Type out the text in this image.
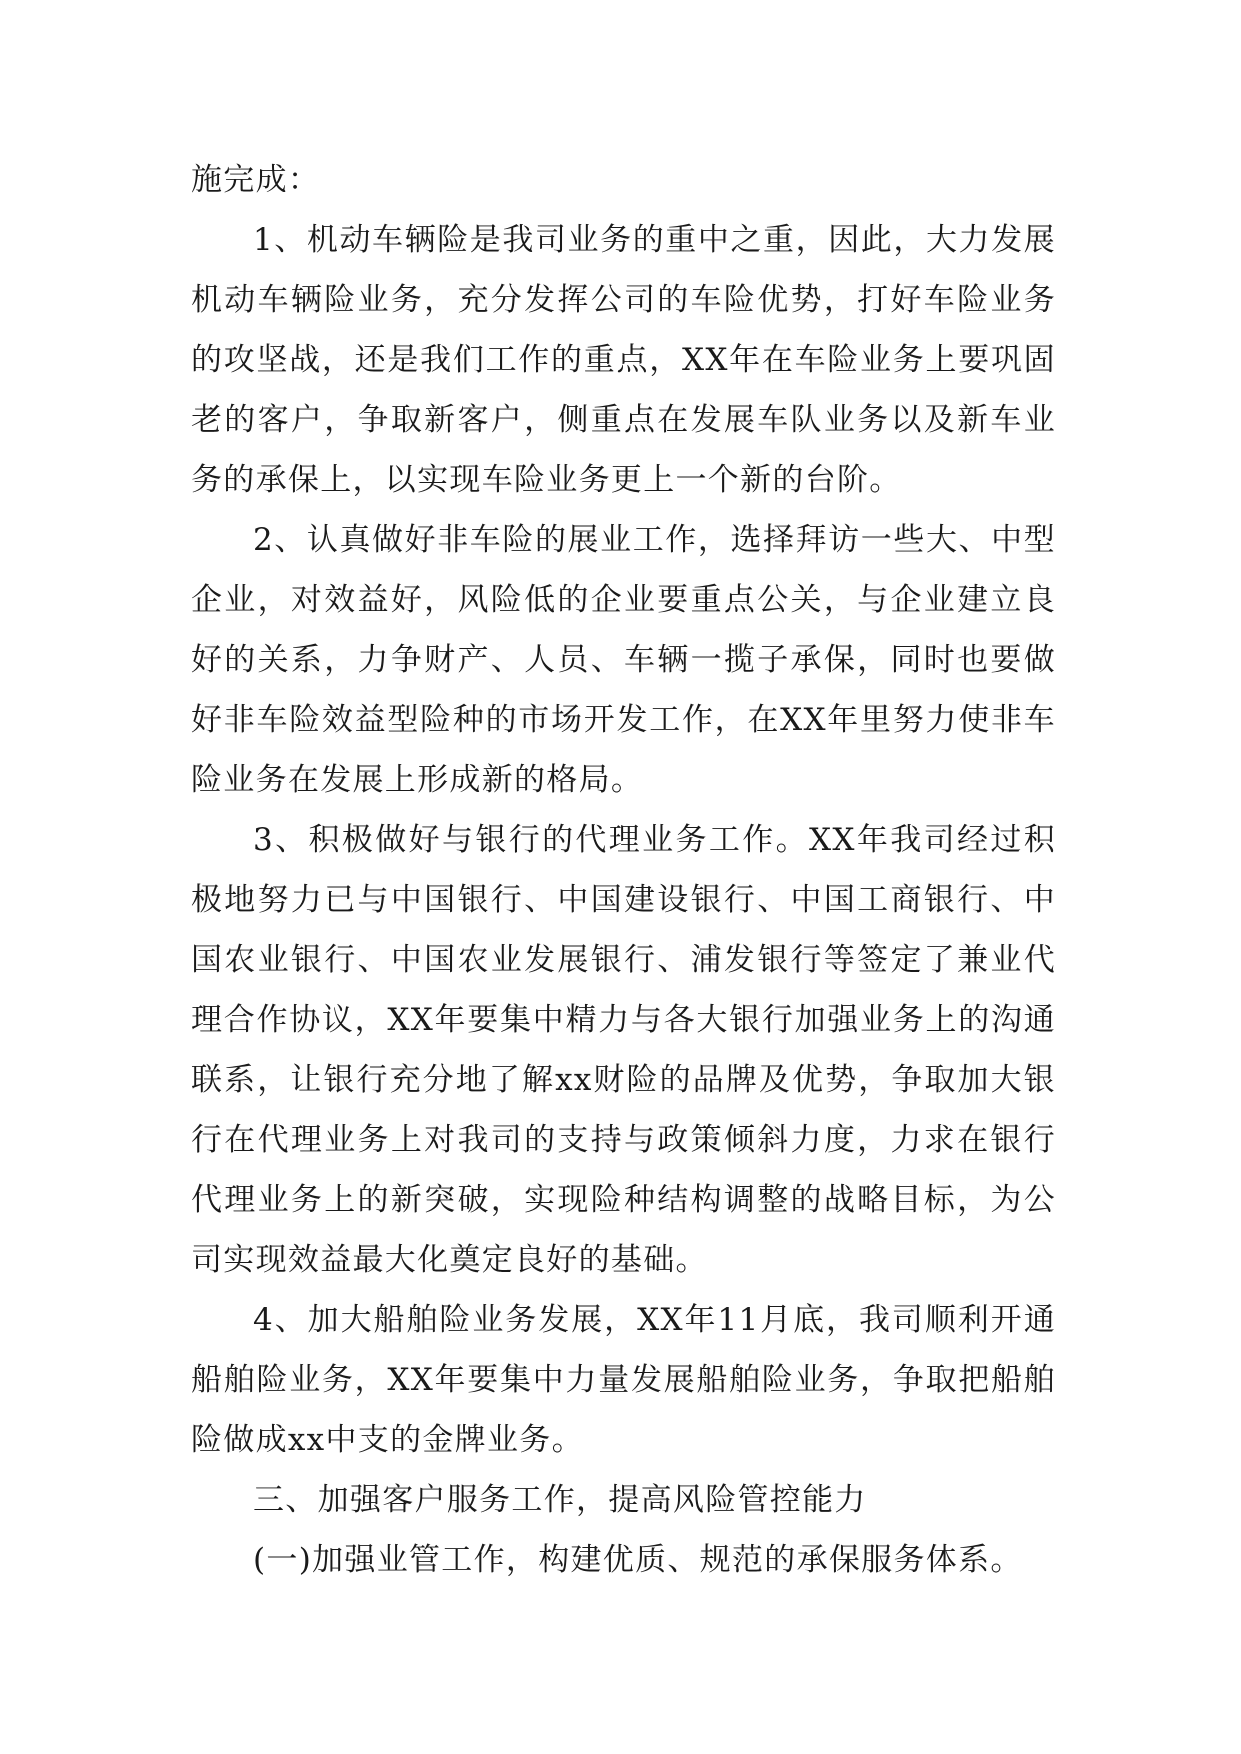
施完成：

1、机动车辆险是我司业务的重中之重，因此，大力发展机动车辆险业务，充分发挥公司的车险优势，打好车险业务的攻坚战，还是我们工作的重点，XX年在车险业务上要巩固老的客户，争取新客户，侧重点在发展车队业务以及新车业务的承保上，以实现车险业务更上一个新的台阶。

2、认真做好非车险的展业工作，选择拜访一些大、中型企业，对效益好，风险低的企业要重点公关，与企业建立良好的关系，力争财产、人员、车辆一揽子承保，同时也要做好非车险效益型险种的市场开发工作，在XX年里努力使非车险业务在发展上形成新的格局。

3、积极做好与银行的代理业务工作。XX年我司经过积极地努力已与中国银行、中国建设银行、中国工商银行、中国农业银行、中国农业发展银行、浦发银行等签定了兼业代理合作协议，XX年要集中精力与各大银行加强业务上的沟通联系，让银行充分地了解xx财险的品牌及优势，争取加大银行在代理业务上对我司的支持与政策倾斜力度，力求在银行代理业务上的新突破，实现险种结构调整的战略目标，为公司实现效益最大化奠定良好的基础。

4、加大船舶险业务发展，XX年11月底，我司顺利开通船舶险业务，XX年要集中力量发展船舶险业务，争取把船舶险做成xx中支的金牌业务。

三、加强客户服务工作，提高风险管控能力

(一)加强业管工作，构建优质、规范的承保服务体系。
